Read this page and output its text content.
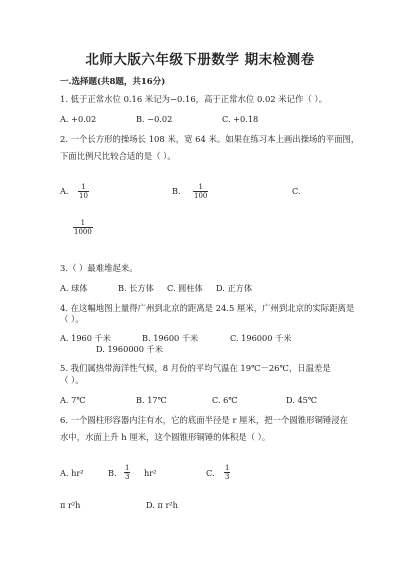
北师大版六年级下册数学 期末检测卷
一.选择题(共8题，共16分)
1. 低于正常水位 0.16 米记为−0.16，高于正常水位 0.02 米记作（ ）。
A. +0.02	B. −0.02	C. +0.18
2. 一个长方形的操场长 108 米，宽 64 米。如果在练习本上画出操场的平面图，
下面比例尺比较合适的是（ ）。
A. $\frac{1}{10}$	B. $\frac{1}{100}$	C.
$\frac{1}{1000}$
3.（ ）最难堆起来。
A. 球体	B. 长方体 C. 圆柱体 D. 正方体
4. 在这幅地图上量得广州到北京的距离是 24.5 厘米，广州到北京的实际距离是
（ ）。
A. 1960 千米	B. 19600 千米	C. 196000 千米
D. 1960000 千米
5. 我们属热带海洋性气候，8 月份的平均气温在 19℃－26℃，日温差是
（ ）。
A. 7℃	B. 17℃	C. 6℃	D. 45℃
6. 一个圆柱形容器内注有水，它的底面半径是 r 厘米，把一个圆锥形铜锤浸在
水中，水面上升 h 厘米，这个圆锥形铜锤的体积是（ ）。
A. hr²	B. $\frac{1}{3} hr^2$	C. $\frac{1}{3}$
π r²h	D. π r²h
